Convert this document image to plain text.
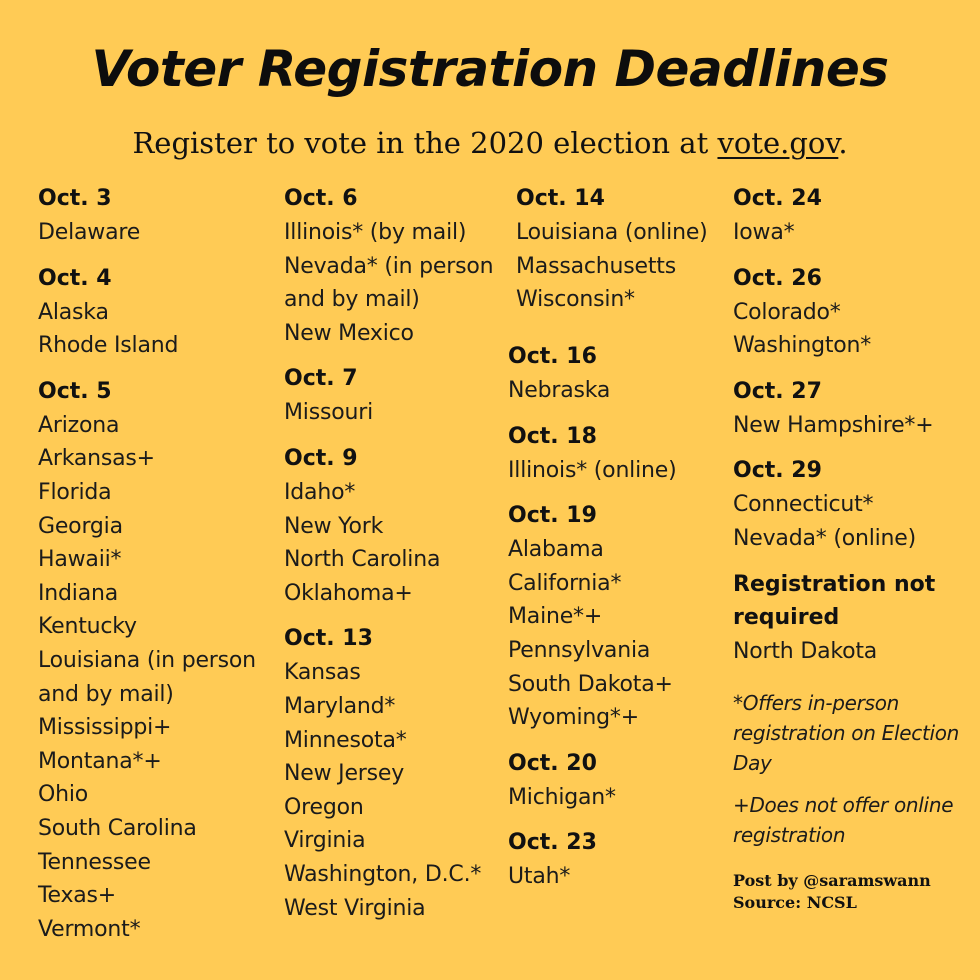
Voter Registration Deadlines
Register to vote in the 2020 election at vote.gov.
Oct. 3
Delaware
Oct. 4
Alaska
Rhode Island
Oct. 5
Arizona
Arkansas+
Florida
Georgia
Hawaii*
Indiana
Kentucky
Louisiana (in person and by mail)
Mississippi+
Montana*+
Ohio
South Carolina
Tennessee
Texas+
Vermont*
Oct. 6
Illinois* (by mail)
Nevada* (in person and by mail)
New Mexico
Oct. 7
Missouri
Oct. 9
Idaho*
New York
North Carolina
Oklahoma+
Oct. 13
Kansas
Maryland*
Minnesota*
New Jersey
Oregon
Virginia
Washington, D.C.*
West Virginia
Oct. 14
Louisiana (online)
Massachusetts
Wisconsin*
Oct. 16
Nebraska
Oct. 18
Illinois* (online)
Oct. 19
Alabama
California*
Maine*+
Pennsylvania
South Dakota+
Wyoming*+
Oct. 20
Michigan*
Oct. 23
Utah*
Oct. 24
Iowa*
Oct. 26
Colorado*
Washington*
Oct. 27
New Hampshire*+
Oct. 29
Connecticut*
Nevada* (online)
Registration not required
North Dakota
*Offers in-person registration on Election Day
+Does not offer online registration
Post by @saramswann
Source: NCSL
